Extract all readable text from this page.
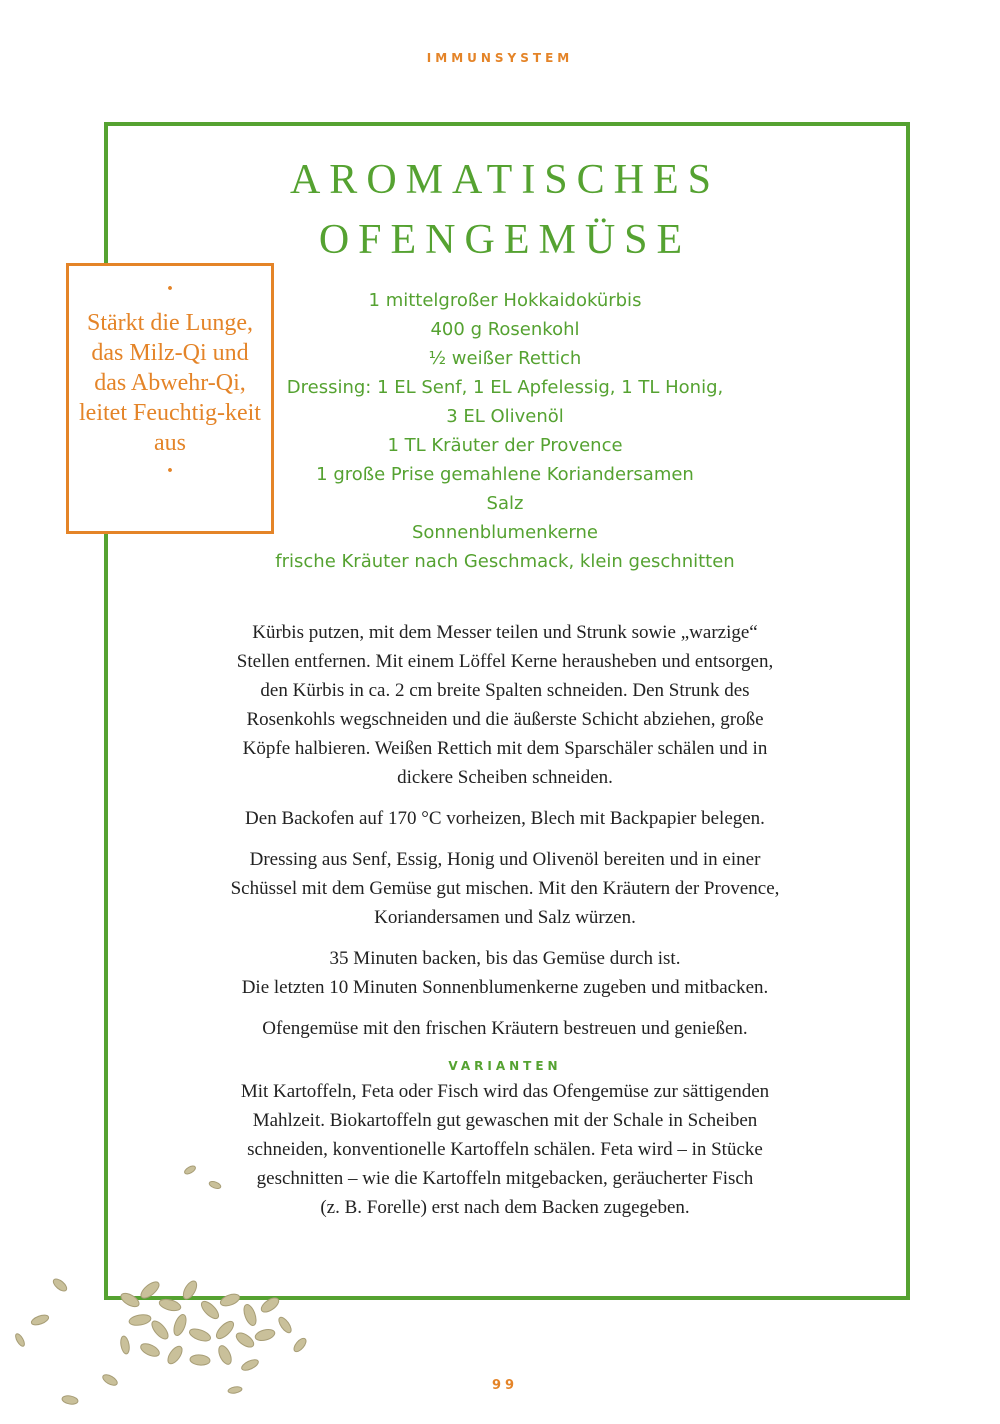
IMMUNSYSTEM
AROMATISCHES
OFENGEMÜSE
·
Stärkt die Lunge, das Milz-Qi und das Abwehr-Qi, leitet Feuchtig-keit aus
·
1 mittelgroßer Hokkaidokürbis
400 g Rosenkohl
½ weißer Rettich
Dressing: 1 EL Senf, 1 EL Apfelessig, 1 TL Honig,
3 EL Olivenöl
1 TL Kräuter der Provence
1 große Prise gemahlene Koriandersamen
Salz
Sonnenblumenkerne
frische Kräuter nach Geschmack, klein geschnitten

Kürbis putzen, mit dem Messer teilen und Strunk sowie „warzige“
Stellen entfernen. Mit einem Löffel Kerne herausheben und entsorgen,
den Kürbis in ca. 2 cm breite Spalten schneiden. Den Strunk des
Rosenkohls wegschneiden und die äußerste Schicht abziehen, große
Köpfe halbieren. Weißen Rettich mit dem Sparschäler schälen und in
dickere Scheiben schneiden.

Den Backofen auf 170 °C vorheizen, Blech mit Backpapier belegen.

Dressing aus Senf, Essig, Honig und Olivenöl bereiten und in einer
Schüssel mit dem Gemüse gut mischen. Mit den Kräutern der Provence,
Koriandersamen und Salz würzen.

35 Minuten backen, bis das Gemüse durch ist.
Die letzten 10 Minuten Sonnenblumenkerne zugeben und mitbacken.

Ofengemüse mit den frischen Kräutern bestreuen und genießen.

VARIANTEN

Mit Kartoffeln, Feta oder Fisch wird das Ofengemüse zur sättigenden
Mahlzeit. Biokartoffeln gut gewaschen mit der Schale in Scheiben
schneiden, konventionelle Kartoffeln schälen. Feta wird – in Stücke
geschnitten – wie die Kartoffeln mitgebacken, geräucherter Fisch
(z. B. Forelle) erst nach dem Backen zugegeben.

99
